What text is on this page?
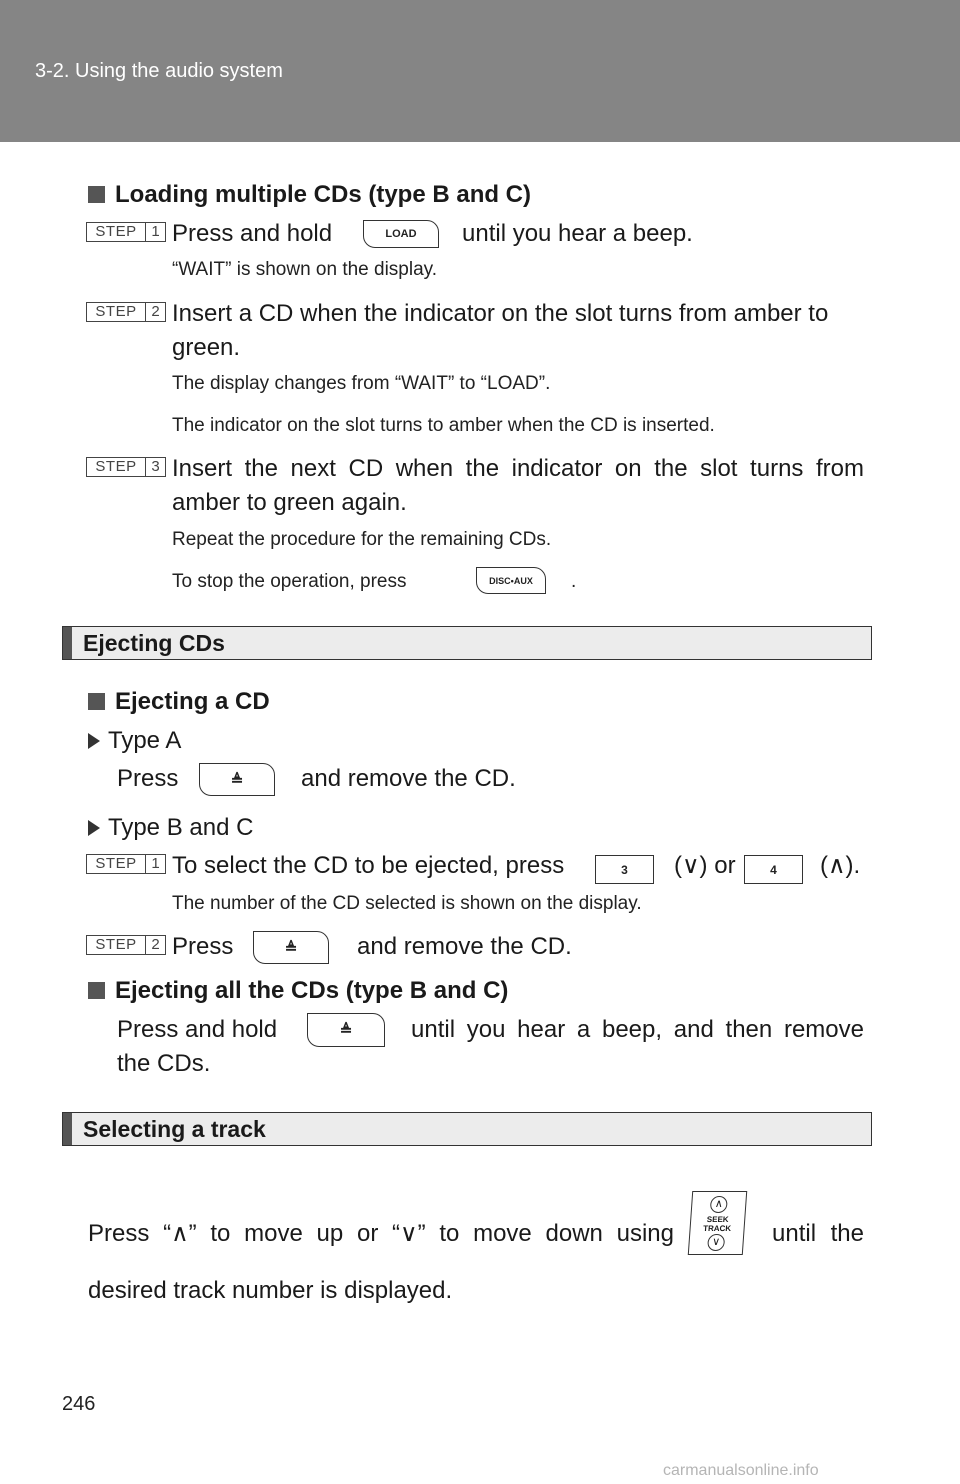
3-2. Using the audio system
Loading multiple CDs (type B and C)
STEP 1 Press and hold	LOAD	until you hear a beep.
“WAIT” is shown on the display.
STEP 2 Insert a CD when the indicator on the slot turns from amber to
green.
The display changes from “WAIT” to “LOAD”.
The indicator on the slot turns to amber when the CD is inserted.
STEP 3 Insert the next CD when the indicator on the slot turns from
amber to green again.
Repeat the procedure for the remaining CDs.
To stop the operation, press	DISC•AUX	.
Ejecting CDs
Ejecting a CD
Type A
Press	≜	and remove the CD.
Type B and C
STEP 1 To select the CD to be ejected, press	3	(∨) or	4	(∧).
The number of the CD selected is shown on the display.
STEP 2 Press	≜	and remove the CD.
Ejecting all the CDs (type B and C)
Press and hold	≜	until you hear a beep, and then remove
the CDs.
Selecting a track
Press “∧” to move up or “∨” to move down using
∧
SEEK
TRACK
∨ until the
desired track number is displayed.
246
carmanualsonline.info
